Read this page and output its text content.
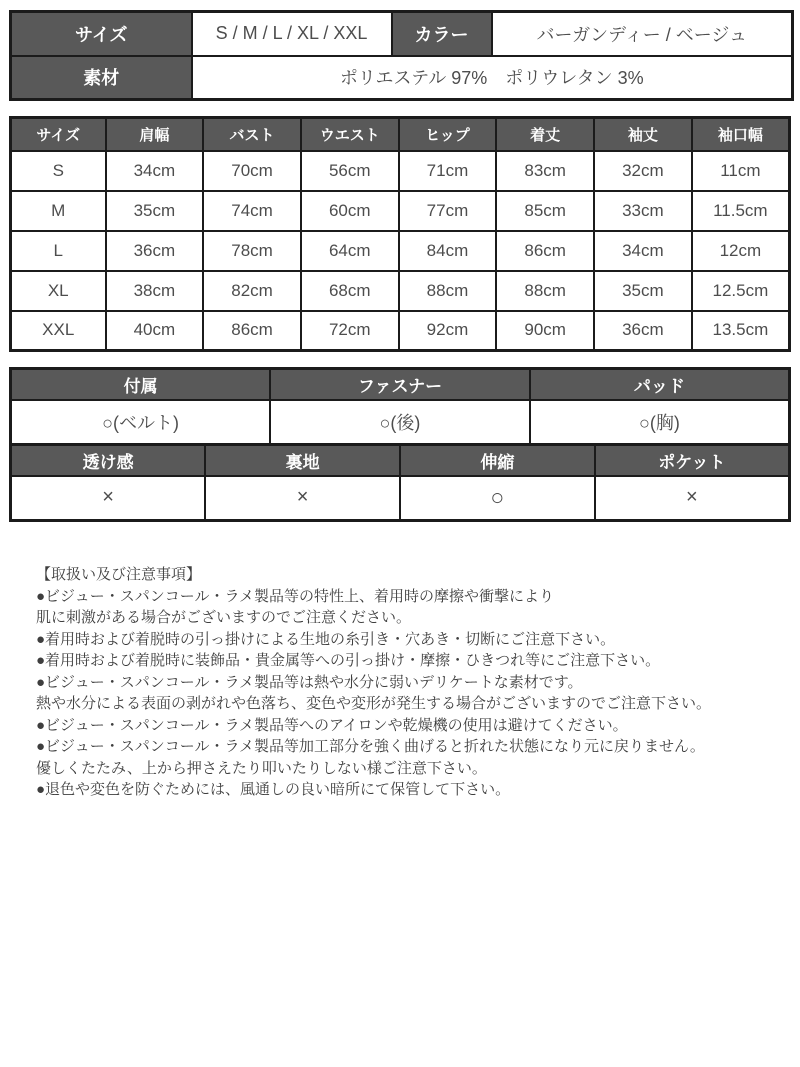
サイズ	S / M / L / XL / XXL	カラー	バーガンディー / ベージュ
素材	ポリエステル 97%　ポリウレタン 3%		
サイズ	肩幅	バスト	ウエスト	ヒップ	着丈	袖丈	袖口幅
S	34cm	70cm	56cm	71cm	83cm	32cm	11cm
M	35cm	74cm	60cm	77cm	85cm	33cm	11.5cm
L	36cm	78cm	64cm	84cm	86cm	34cm	12cm
XL	38cm	82cm	68cm	88cm	88cm	35cm	12.5cm
XXL	40cm	86cm	72cm	92cm	90cm	36cm	13.5cm
付属	ファスナー	パッド
○(ベルト)	○(後)	○(胸)
透け感	裏地	伸縮	ポケット
×	×	○	×
【取扱い及び注意事項】
●ビジュー・スパンコール・ラメ製品等の特性上、着用時の摩擦や衝撃により
肌に刺激がある場合がございますのでご注意ください。
●着用時および着脱時の引っ掛けによる生地の糸引き・穴あき・切断にご注意下さい。
●着用時および着脱時に装飾品・貴金属等への引っ掛け・摩擦・ひきつれ等にご注意下さい。
●ビジュー・スパンコール・ラメ製品等は熱や水分に弱いデリケートな素材です。
熱や水分による表面の剥がれや色落ち、変色や変形が発生する場合がございますのでご注意下さい。
●ビジュー・スパンコール・ラメ製品等へのアイロンや乾燥機の使用は避けてください。
●ビジュー・スパンコール・ラメ製品等加工部分を強く曲げると折れた状態になり元に戻りません。
優しくたたみ、上から押さえたり叩いたりしない様ご注意下さい。
●退色や変色を防ぐためには、風通しの良い暗所にて保管して下さい。
